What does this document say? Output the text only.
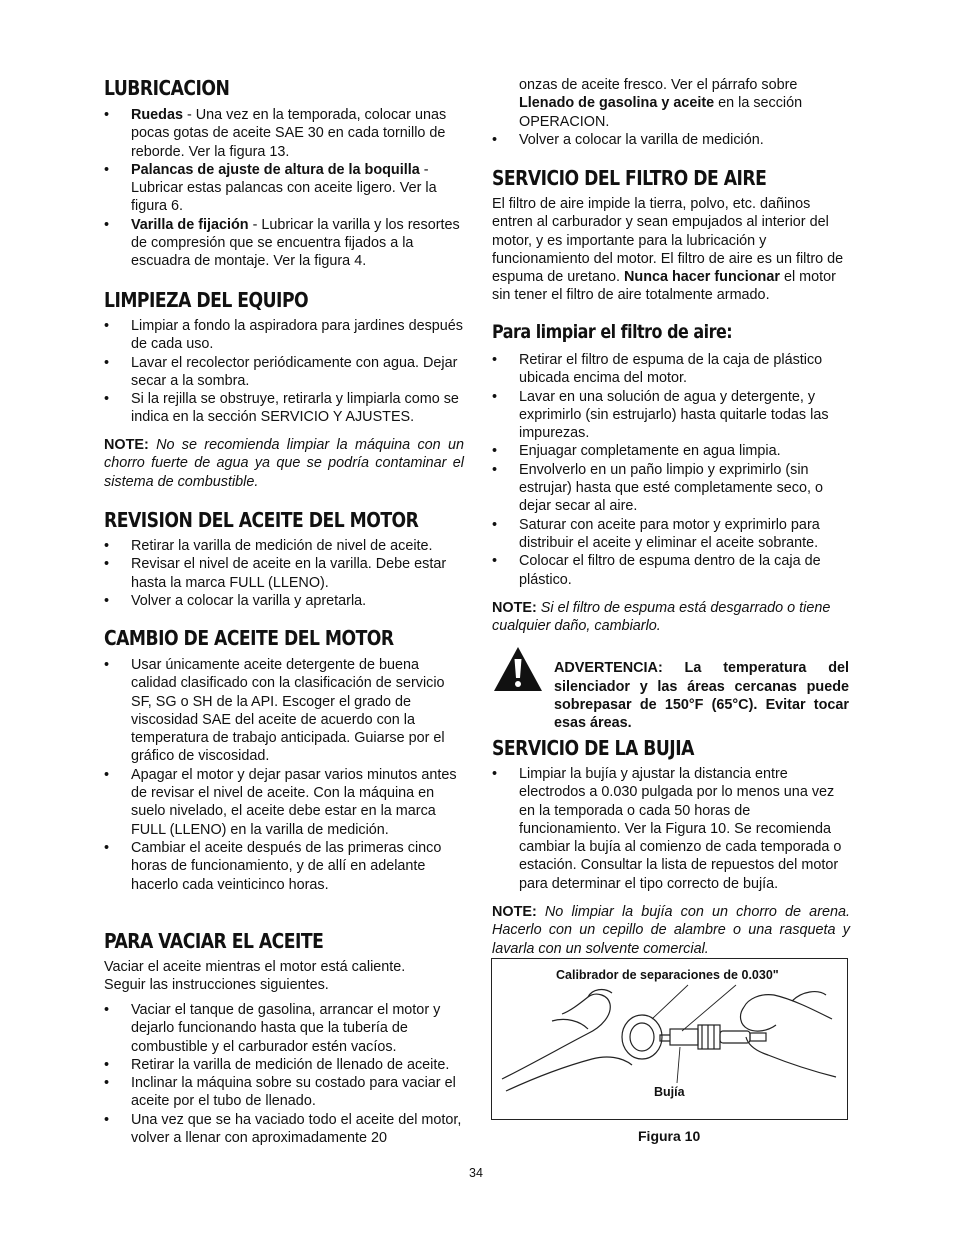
LUBRICACION
• Ruedas - Una vez en la temporada, colocar unas pocas gotas de aceite SAE 30 en cada tornillo de reborde. Ver la figura 13.
• Palancas de ajuste de altura de la boquilla - Lubricar estas palancas con aceite ligero. Ver la figura 6.
• Varilla de fijación - Lubricar la varilla y los resortes de compresión que se encuentra fijados a la escuadra de montaje. Ver la figura 4.
LIMPIEZA DEL EQUIPO
• Limpiar a fondo la aspiradora para jardines después de cada uso.
• Lavar el recolector periódicamente con agua. Dejar secar a la sombra.
• Si la rejilla se obstruye, retirarla y limpiarla como se indica en la sección SERVICIO Y AJUSTES.

NOTE: No se recomienda limpiar la máquina con un chorro fuerte de agua ya que se podría contaminar el sistema de combustible.

REVISION DEL ACEITE DEL MOTOR
• Retirar la varilla de medición de nivel de aceite.
• Revisar el nivel de aceite en la varilla. Debe estar hasta la marca FULL (LLENO).
• Volver a colocar la varilla y apretarla.
CAMBIO DE ACEITE DEL MOTOR
• Usar únicamente aceite detergente de buena calidad clasificado con la clasificación de servicio SF, SG o SH de la API. Escoger el grado de viscosidad SAE del aceite de acuerdo con la temperatura de trabajo anticipada. Guiarse por el gráfico de viscosidad.
• Apagar el motor y dejar pasar varios minutos antes de revisar el nivel de aceite. Con la máquina en suelo nivelado, el aceite debe estar en la marca FULL (LLENO) en la varilla de medición.
• Cambiar el aceite después de las primeras cinco horas de funcionamiento, y de allí en adelante hacerlo cada veinticinco horas.
PARA VACIAR EL ACEITE

Vaciar el aceite mientras el motor está caliente. Seguir las instrucciones siguientes.

• Vaciar el tanque de gasolina, arrancar el motor y dejarlo funcionando hasta que la tubería de combustible y el carburador estén vacíos.
• Retirar la varilla de medición de llenado de aceite.
• Inclinar la máquina sobre su costado para vaciar el aceite por el tubo de llenado.
• Una vez que se ha vaciado todo el aceite del motor, volver a llenar con aproximadamente 20

onzas de aceite fresco. Ver el párrafo sobre Llenado de gasolina y aceite en la sección OPERACION.

• Volver a colocar la varilla de medición.
SERVICIO DEL FILTRO DE AIRE

El filtro de aire impide la tierra, polvo, etc. dañinos entren al carburador y sean empujados al interior del motor, y es importante para la lubricación y funcionamiento del motor. El filtro de aire es un filtro de espuma de uretano. Nunca hacer funcionar el motor sin tener el filtro de aire totalmente armado.

Para limpiar el filtro de aire:
• Retirar el filtro de espuma de la caja de plástico ubicada encima del motor.
• Lavar en una solución de agua y detergente, y exprimirlo (sin estrujarlo) hasta quitarle todas las impurezas.
• Enjuagar completamente en agua limpia.
• Envolverlo en un paño limpio y exprimirlo (sin estrujar) hasta que esté completamente seco, o dejar secar al aire.
• Saturar con aceite para motor y exprimirlo para distribuir el aceite y eliminar el aceite sobrante.
• Colocar el filtro de espuma dentro de la caja de plástico.

NOTE: Si el filtro de espuma está desgarrado o tiene cualquier daño, cambiarlo.

ADVERTENCIA: La temperatura del silenciador y las áreas cercanas puede sobrepasar de 150°F (65°C). Evitar tocar esas áreas.

SERVICIO DE LA BUJIA
• Limpiar la bujía y ajustar la distancia entre electrodos a 0.030 pulgada por lo menos una vez en la temporada o cada 50 horas de funcionamiento. Ver la Figura 10. Se recomienda cambiar la bujía al comienzo de cada temporada o estación. Consultar la lista de repuestos del motor para determinar el tipo correcto de bujía.

NOTE: No limpiar la bujía con un chorro de arena. Hacerlo con un cepillo de alambre o una rasqueta y lavarla con un solvente comercial.

Calibrador de separaciones de 0.030"
Bujía
Figura 10
34
